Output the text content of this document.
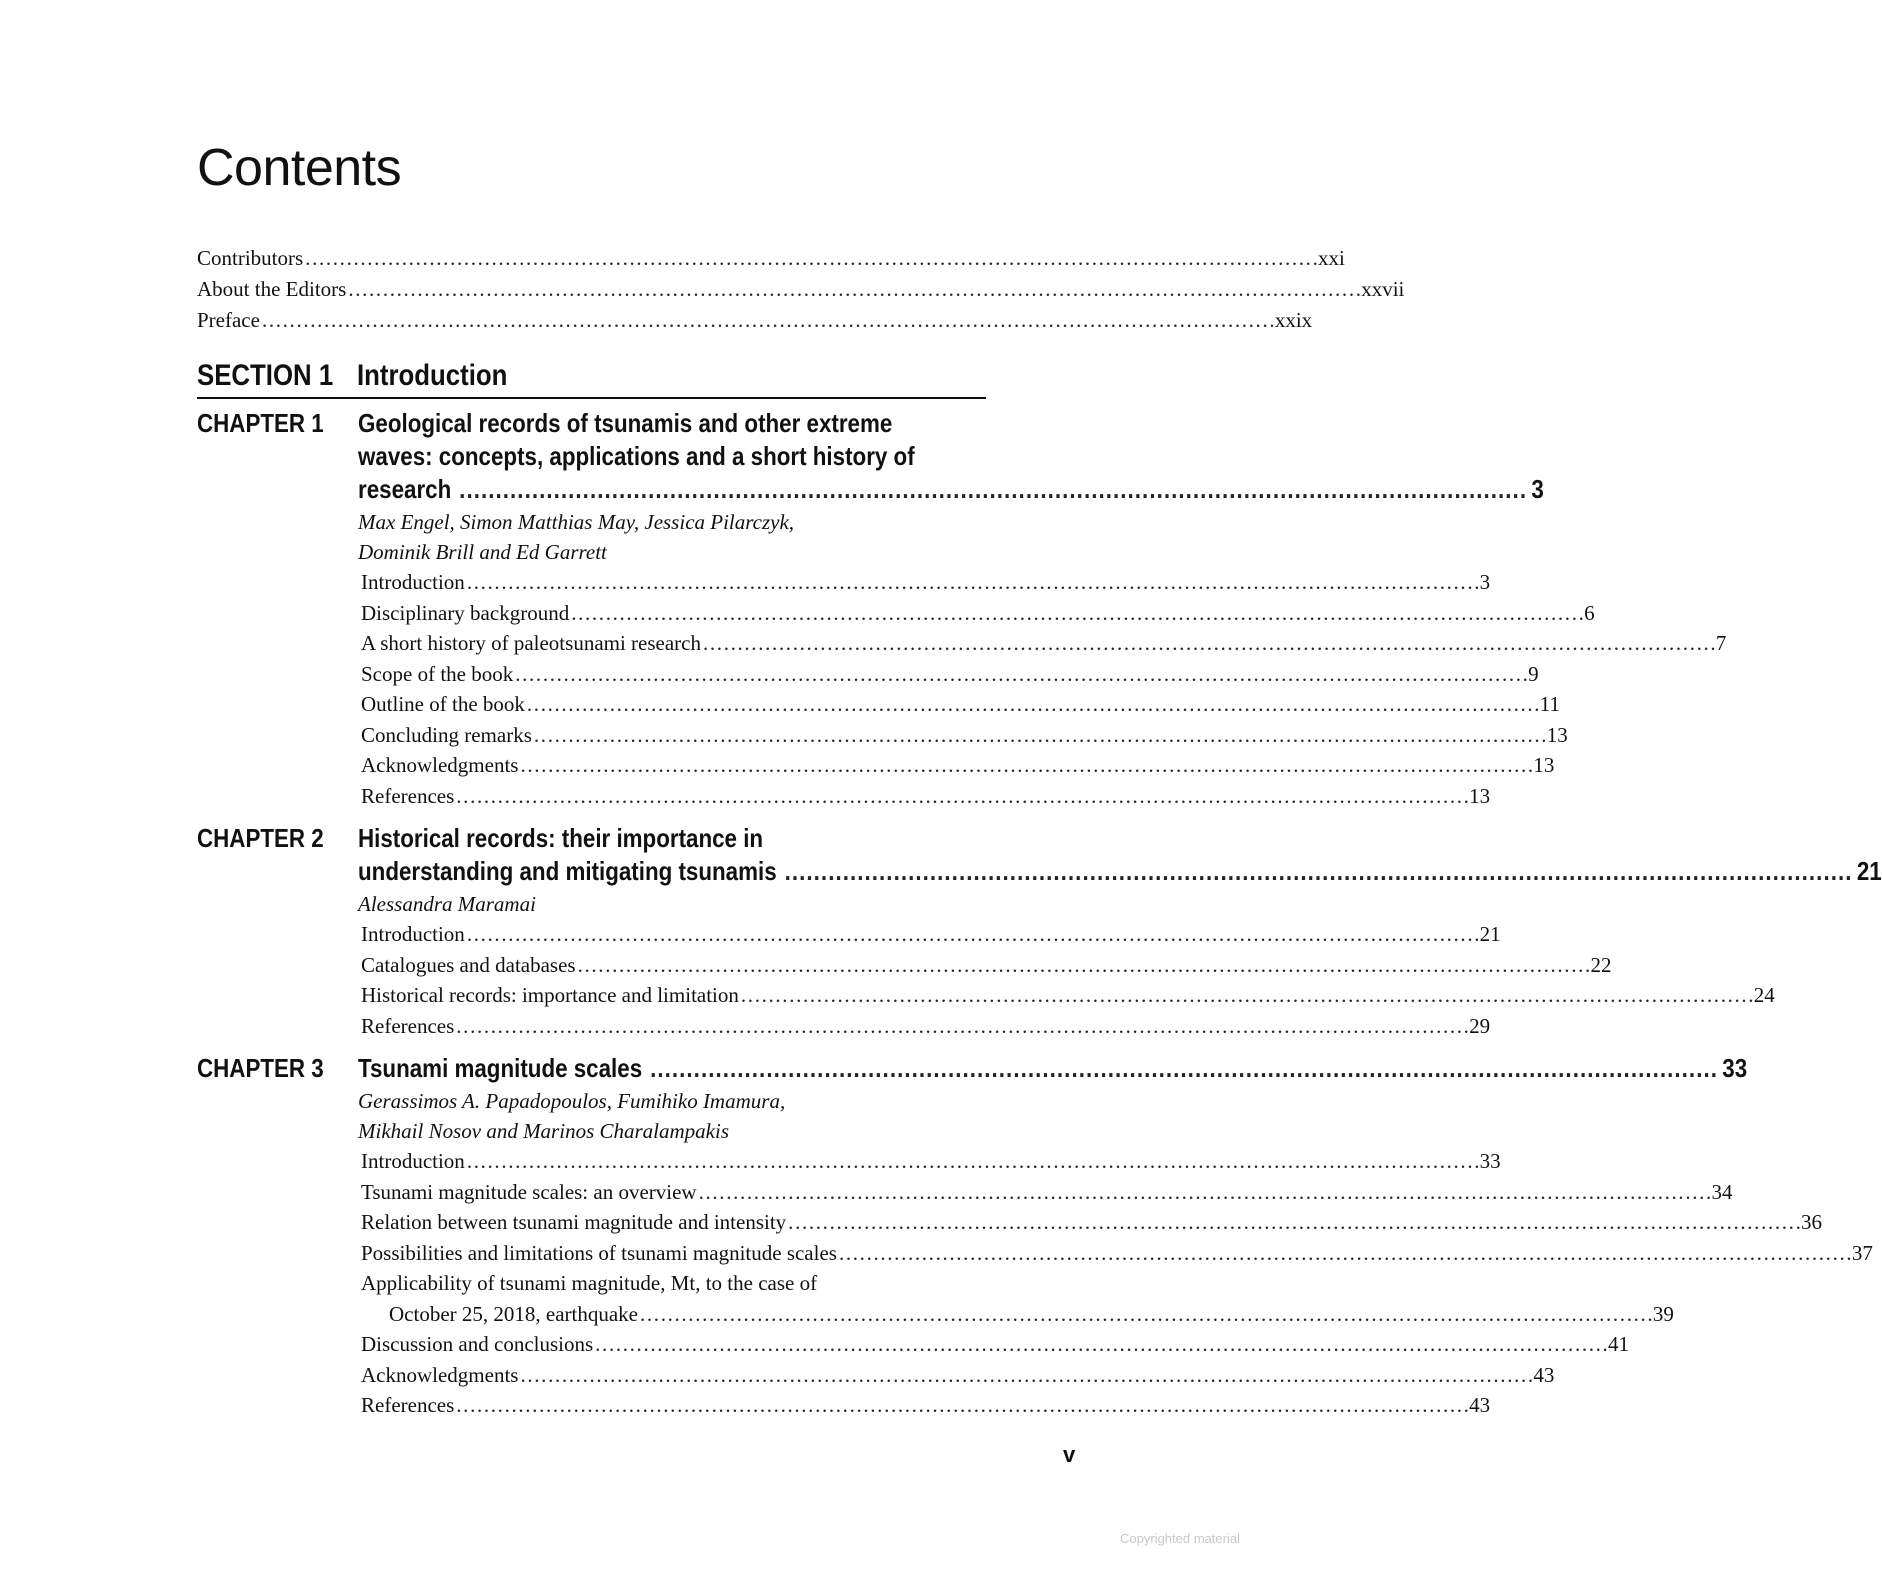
Contents
Contributors . . .	xxi
About the Editors . . .	xxvii
Preface . . .	xxix
SECTION 1 Introduction
CHAPTER 1 Geological records of tsunamis and other extreme
waves: concepts, applications and a short history of
research . . .	3
Max Engel, Simon Matthias May, Jessica Pilarczyk,
Dominik Brill and Ed Garrett
Introduction . . .	3
Disciplinary background . . .	6
A short history of paleotsunami research . . .	7
Scope of the book . . .	9
Outline of the book . . .	11
Concluding remarks . . .	13
Acknowledgments . . .	13
References . . .	13
CHAPTER 2 Historical records: their importance in
understanding and mitigating tsunamis . . .	21
Alessandra Maramai
Introduction . . .	21
Catalogues and databases . . .	22
Historical records: importance and limitation . . .	24
References . . .	29
CHAPTER 3 Tsunami magnitude scales . . .	33
Gerassimos A. Papadopoulos, Fumihiko Imamura,
Mikhail Nosov and Marinos Charalampakis
Introduction . . .	33
Tsunami magnitude scales: an overview . . .	34
Relation between tsunami magnitude and intensity . . .	36
Possibilities and limitations of tsunami magnitude scales . . .	37
Applicability of tsunami magnitude, Mt, to the case of
October 25, 2018, earthquake . . .	39
Discussion and conclusions . . .	41
Acknowledgments . . .	43
References . . .	43
v
Copyrighted material
